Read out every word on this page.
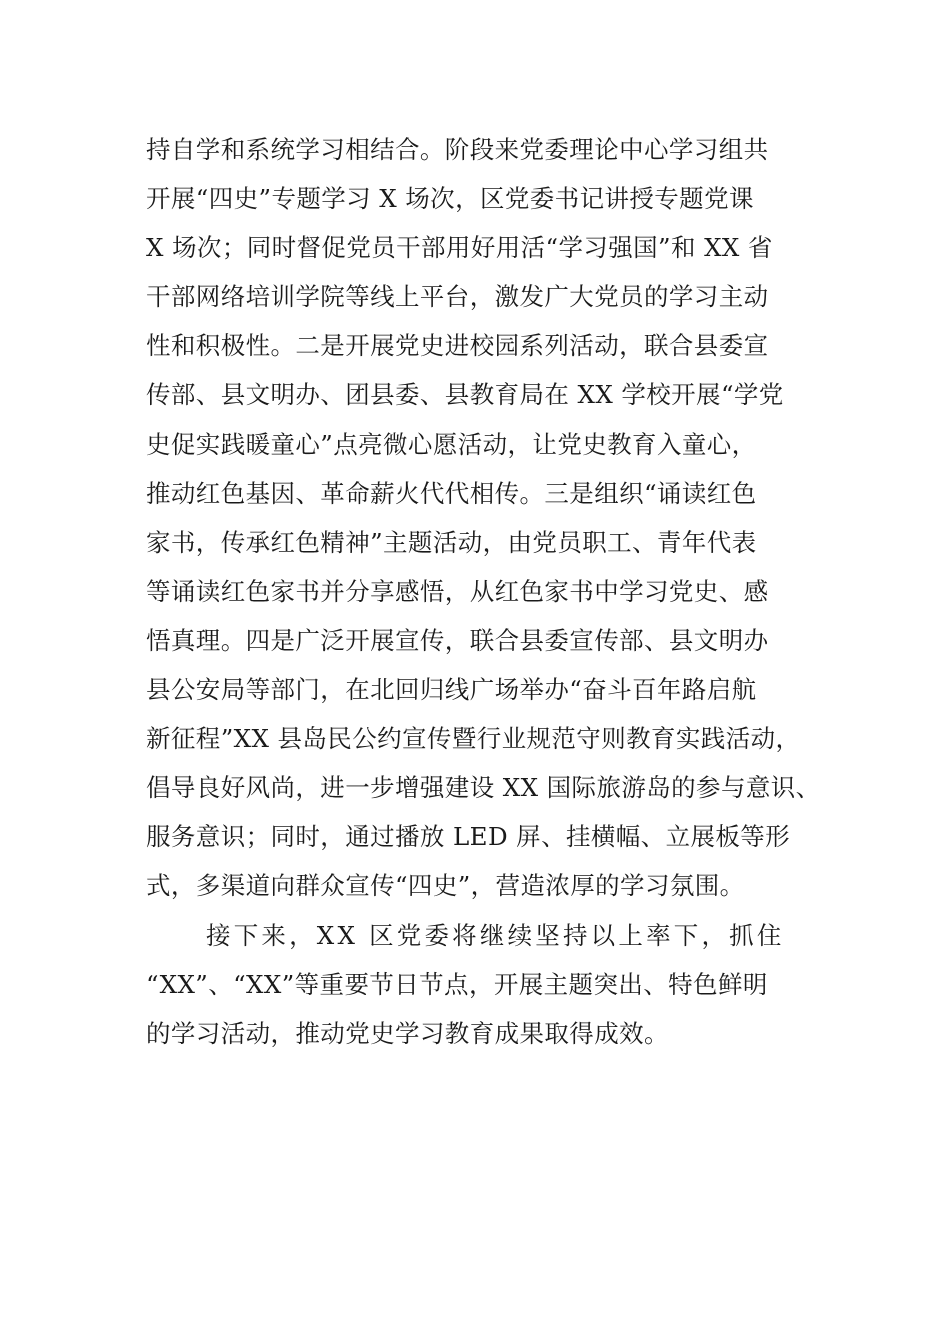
持自学和系统学习相结合。阶段来党委理论中心学习组共
开展“四史”专题学习 X 场次，区党委书记讲授专题党课
X 场次；同时督促党员干部用好用活“学习强国”和 XX 省
干部网络培训学院等线上平台，激发广大党员的学习主动
性和积极性。二是开展党史进校园系列活动，联合县委宣
传部、县文明办、团县委、县教育局在 XX 学校开展“学党
史促实践暖童心”点亮微心愿活动，让党史教育入童心，
推动红色基因、革命薪火代代相传。三是组织“诵读红色
家书，传承红色精神”主题活动，由党员职工、青年代表
等诵读红色家书并分享感悟，从红色家书中学习党史、感
悟真理。四是广泛开展宣传，联合县委宣传部、县文明办
县公安局等部门，在北回归线广场举办“奋斗百年路启航
新征程”XX 县岛民公约宣传暨行业规范守则教育实践活动，
倡导良好风尚，进一步增强建设 XX 国际旅游岛的参与意识、
服务意识；同时，通过播放 LED 屏、挂横幅、立展板等形
式，多渠道向群众宣传“四史”，营造浓厚的学习氛围。
接下来，XX 区党委将继续坚持以上率下，抓住
“XX”、“XX”等重要节日节点，开展主题突出、特色鲜明
的学习活动，推动党史学习教育成果取得成效。
